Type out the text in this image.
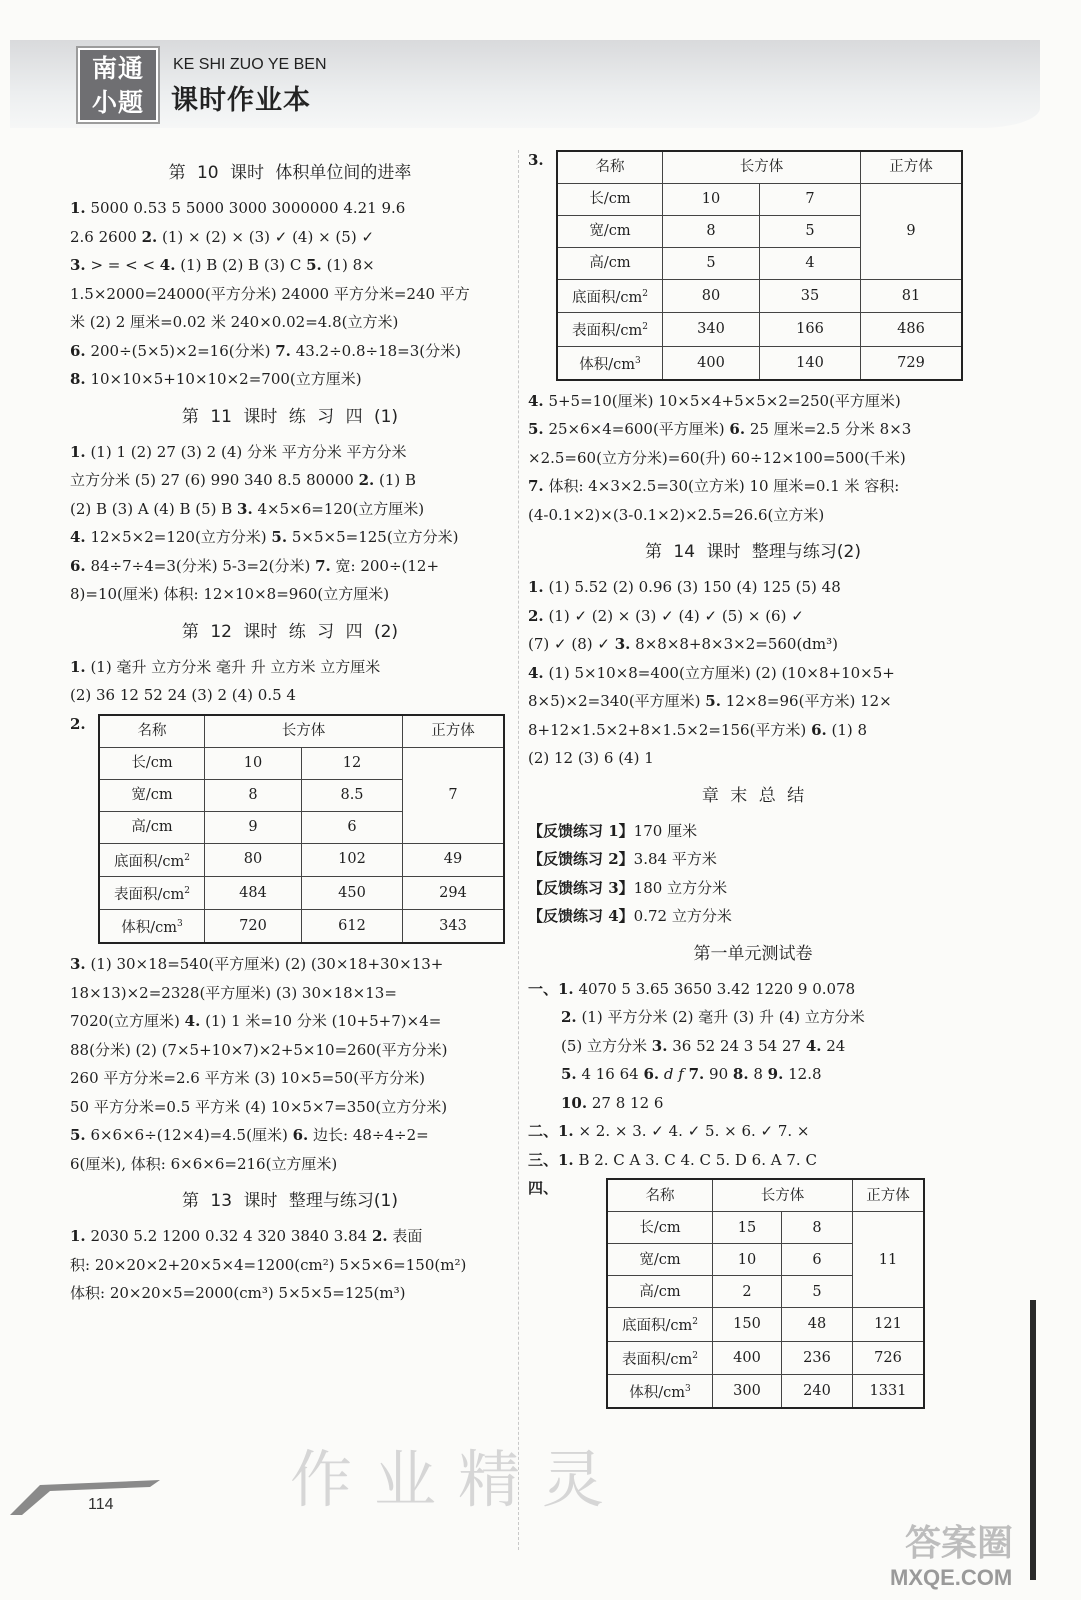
南通
小题
KE SHI ZUO YE BEN
课时作业本
第 10 课时 体积单位间的进率

1. 5000 0.53 5 5000 3000 3000000 4.21 9.6

2.6 2600 2. (1) × (2) × (3) ✓ (4) × (5) ✓

3. > = < < 4. (1) B (2) B (3) C 5. (1) 8×

1.5×2000=24000(平方分米) 24000 平方分米=240 平方

米 (2) 2 厘米=0.02 米 240×0.02=4.8(立方米)

6. 200÷(5×5)×2=16(分米) 7. 43.2÷0.8÷18=3(分米)

8. 10×10×5+10×10×2=700(立方厘米)

第 11 课时 练 习 四 (1)

1. (1) 1 (2) 27 (3) 2 (4) 分米 平方分米 平方分米

立方分米 (5) 27 (6) 990 340 8.5 80000 2. (1) B

(2) B (3) A (4) B (5) B 3. 4×5×6=120(立方厘米)

4. 12×5×2=120(立方分米) 5. 5×5×5=125(立方分米)

6. 84÷7÷4=3(分米) 5-3=2(分米) 7. 宽: 200÷(12+

8)=10(厘米) 体积: 12×10×8=960(立方厘米)

第 12 课时 练 习 四 (2)

1. (1) 毫升 立方分米 毫升 升 立方米 立方厘米

(2) 36 12 52 24 (3) 2 (4) 0.5 4

2.	名称	长方体		正方体
长/cm	10	12	7
宽/cm	8	8.5	
高/cm	9	6	
底面积$/cm^2$	80	102	49
表面积$/cm^2$	484	450	294
体积$/cm^3$	720	612	343

3. (1) 30×18=540(平方厘米) (2) (30×18+30×13+

18×13)×2=2328(平方厘米) (3) 30×18×13=

7020(立方厘米) 4. (1) 1 米=10 分米 (10+5+7)×4=

88(分米) (2) (7×5+10×7)×2+5×10=260(平方分米)

260 平方分米=2.6 平方米 (3) 10×5=50(平方分米)

50 平方分米=0.5 平方米 (4) 10×5×7=350(立方分米)

5. 6×6×6÷(12×4)=4.5(厘米) 6. 边长: 48÷4÷2=

6(厘米), 体积: 6×6×6=216(立方厘米)

第 13 课时 整理与练习(1)

1. 2030 5.2 1200 0.32 4 320 3840 3.84 2. 表面

积: 20×20×2+20×5×4=1200(cm²) 5×5×6=150(m²)

体积: 20×20×5=2000(cm³) 5×5×5=125(m³)

3.	名称	长方体		正方体
长/cm	10	7	9
宽/cm	8	5	
高/cm	5	4	
底面积$/cm^2$	80	35	81
表面积$/cm^2$	340	166	486
体积$/cm^3$	400	140	729

4. 5+5=10(厘米) 10×5×4+5×5×2=250(平方厘米)

5. 25×6×4=600(平方厘米) 6. 25 厘米=2.5 分米 8×3

×2.5=60(立方分米)=60(升) 60÷12×100=500(千米)

7. 体积: 4×3×2.5=30(立方米) 10 厘米=0.1 米 容积:

(4-0.1×2)×(3-0.1×2)×2.5=26.6(立方米)

第 14 课时 整理与练习(2)

1. (1) 5.52 (2) 0.96 (3) 150 (4) 125 (5) 48

2. (1) ✓ (2) × (3) ✓ (4) ✓ (5) × (6) ✓

(7) ✓ (8) ✓ 3. 8×8×8+8×3×2=560(dm³)

4. (1) 5×10×8=400(立方厘米) (2) (10×8+10×5+

8×5)×2=340(平方厘米) 5. 12×8=96(平方米) 12×

8+12×1.5×2+8×1.5×2=156(平方米) 6. (1) 8

(2) 12 (3) 6 (4) 1

章 末 总 结

【反馈练习 1】170 厘米

【反馈练习 2】3.84 平方米

【反馈练习 3】180 立方分米

【反馈练习 4】0.72 立方分米

第一单元测试卷

一、1. 4070 5 3.65 3650 3.42 1220 9 0.078

2. (1) 平方分米 (2) 毫升 (3) 升 (4) 立方分米

(5) 立方分米 3. 36 52 24 3 54 27 4. 24

5. 4 16 64 6. d f 7. 90 8. 8 9. 12.8

10. 27 8 12 6

二、1. × 2. × 3. ✓ 4. ✓ 5. × 6. ✓ 7. ×

三、1. B 2. C A 3. C 4. C 5. D 6. A 7. C

四、	名称	长方体		正方体
长/cm	15	8	11
宽/cm	10	6	
高/cm	2	5	
底面积$/cm^2$	150	48	121
表面积$/cm^2$	400	236	726
体积$/cm^3$	300	240	1331
114	作业精灵
答案圈
MXQE.COM
